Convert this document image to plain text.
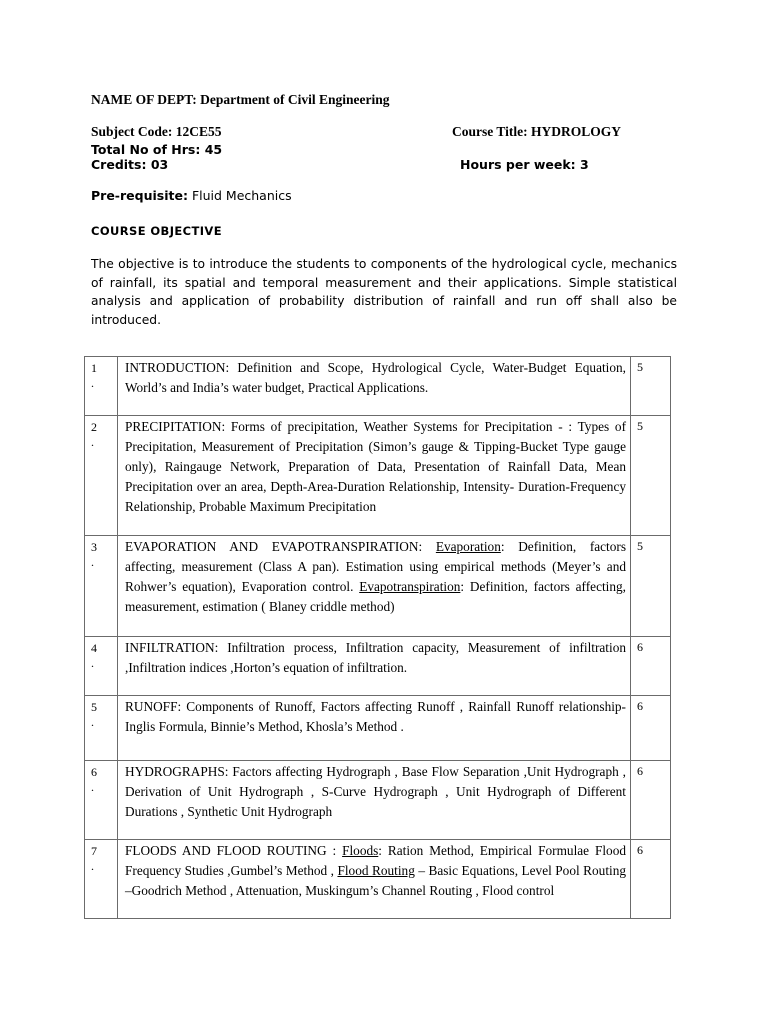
NAME OF DEPT: Department of Civil Engineering
Subject Code: 12CE55	Course Title: HYDROLOGY
Total No of Hrs: 45
Credits: 03	Hours per week: 3
Pre-requisite: Fluid Mechanics
COURSE OBJECTIVE
The objective is to introduce the students to components of the hydrological cycle, mechanics of rainfall, its spatial and temporal measurement and their applications. Simple statistical analysis and application of probability distribution of rainfall and run off shall also be introduced.
1
.	INTRODUCTION: Definition and Scope, Hydrological Cycle, Water-Budget Equation, World’s and India’s water budget, Practical Applications.	5
2
.	PRECIPITATION: Forms of precipitation, Weather Systems for Precipitation - : Types of Precipitation, Measurement of Precipitation (Simon’s gauge & Tipping-Bucket Type gauge only), Raingauge Network, Preparation of Data, Presentation of Rainfall Data, Mean Precipitation over an area, Depth-Area-Duration Relationship, Intensity- Duration-Frequency Relationship, Probable Maximum Precipitation	5
3
.	EVAPORATION AND EVAPOTRANSPIRATION: Evaporation: Definition, factors affecting, measurement (Class A pan). Estimation using empirical methods (Meyer’s and Rohwer’s equation), Evaporation control. Evapotranspiration: Definition, factors affecting, measurement, estimation ( Blaney criddle method)	5
4
.	INFILTRATION: Infiltration process, Infiltration capacity, Measurement of infiltration ,Infiltration indices ,Horton’s equation of infiltration.	6
5
.	RUNOFF: Components of Runoff, Factors affecting Runoff , Rainfall Runoff relationship- Inglis Formula, Binnie’s Method, Khosla’s Method .	6
6
.	HYDROGRAPHS: Factors affecting Hydrograph , Base Flow Separation ,Unit Hydrograph , Derivation of Unit Hydrograph , S-Curve Hydrograph , Unit Hydrograph of Different Durations , Synthetic Unit Hydrograph	6
7
.	FLOODS AND FLOOD ROUTING : Floods: Ration Method, Empirical Formulae Flood Frequency Studies ,Gumbel’s Method , Flood Routing – Basic Equations, Level Pool Routing –Goodrich Method , Attenuation, Muskingum’s Channel Routing , Flood control	6
